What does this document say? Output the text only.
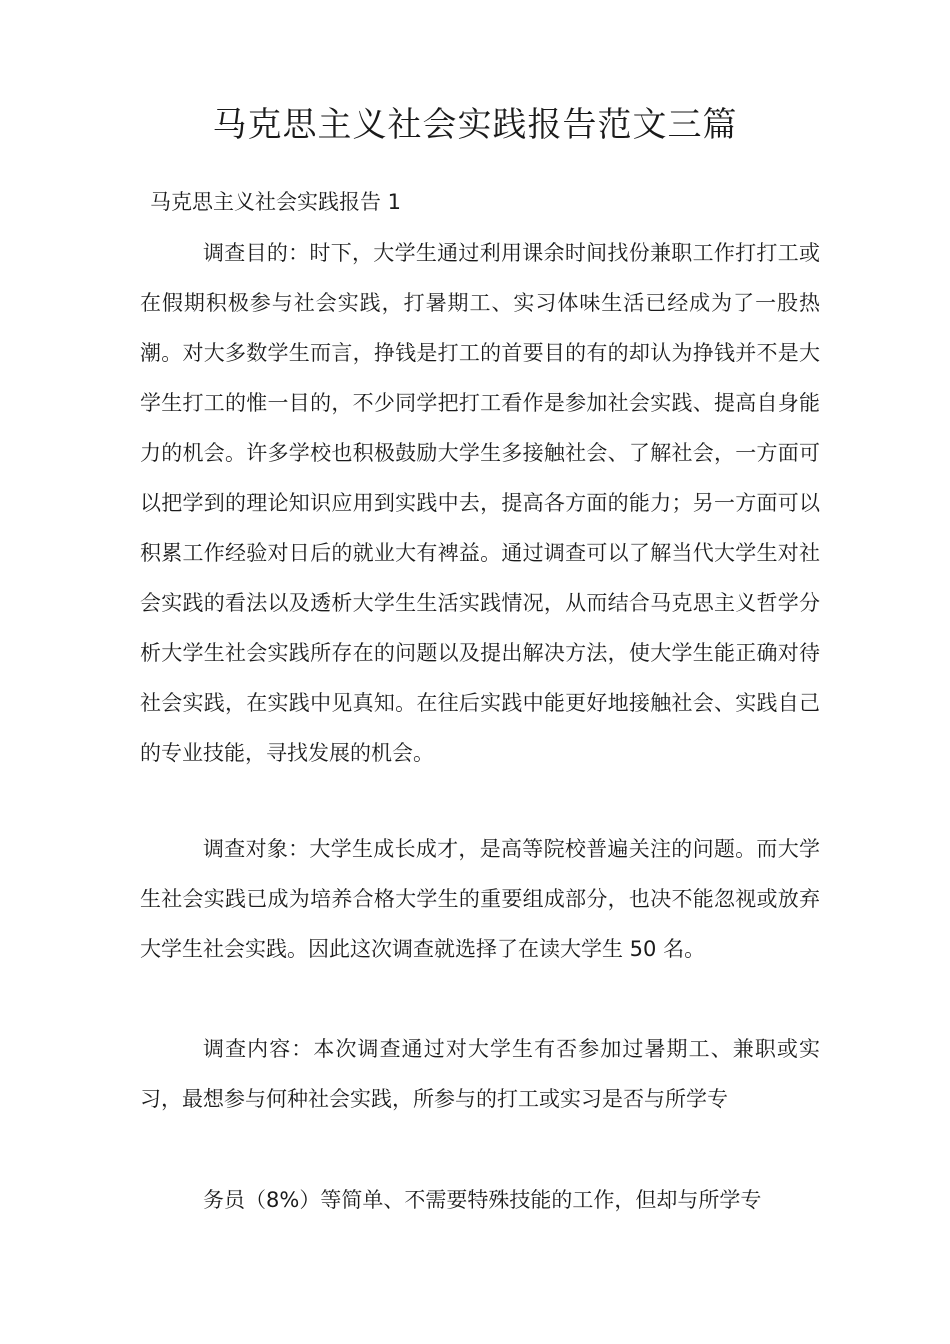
马克思主义社会实践报告范文三篇
马克思主义社会实践报告 1

调查目的：时下，大学生通过利用课余时间找份兼职工作打打工或在假期积极参与社会实践，打暑期工、实习体味生活已经成为了一股热潮。对大多数学生而言，挣钱是打工的首要目的有的却认为挣钱并不是大学生打工的惟一目的，不少同学把打工看作是参加社会实践、提高自身能力的机会。许多学校也积极鼓励大学生多接触社会、了解社会，一方面可以把学到的理论知识应用到实践中去，提高各方面的能力；另一方面可以积累工作经验对日后的就业大有裨益。通过调查可以了解当代大学生对社会实践的看法以及透析大学生生活实践情况，从而结合马克思主义哲学分析大学生社会实践所存在的问题以及提出解决方法，使大学生能正确对待社会实践，在实践中见真知。在往后实践中能更好地接触社会、实践自己的专业技能，寻找发展的机会。

调查对象：大学生成长成才，是高等院校普遍关注的问题。而大学生社会实践已成为培养合格大学生的重要组成部分，也决不能忽视或放弃大学生社会实践。因此这次调查就选择了在读大学生 50 名。

调查内容：本次调查通过对大学生有否参加过暑期工、兼职或实习，最想参与何种社会实践，所参与的打工或实习是否与所学专

务员（8%）等简单、不需要特殊技能的工作，但却与所学专
